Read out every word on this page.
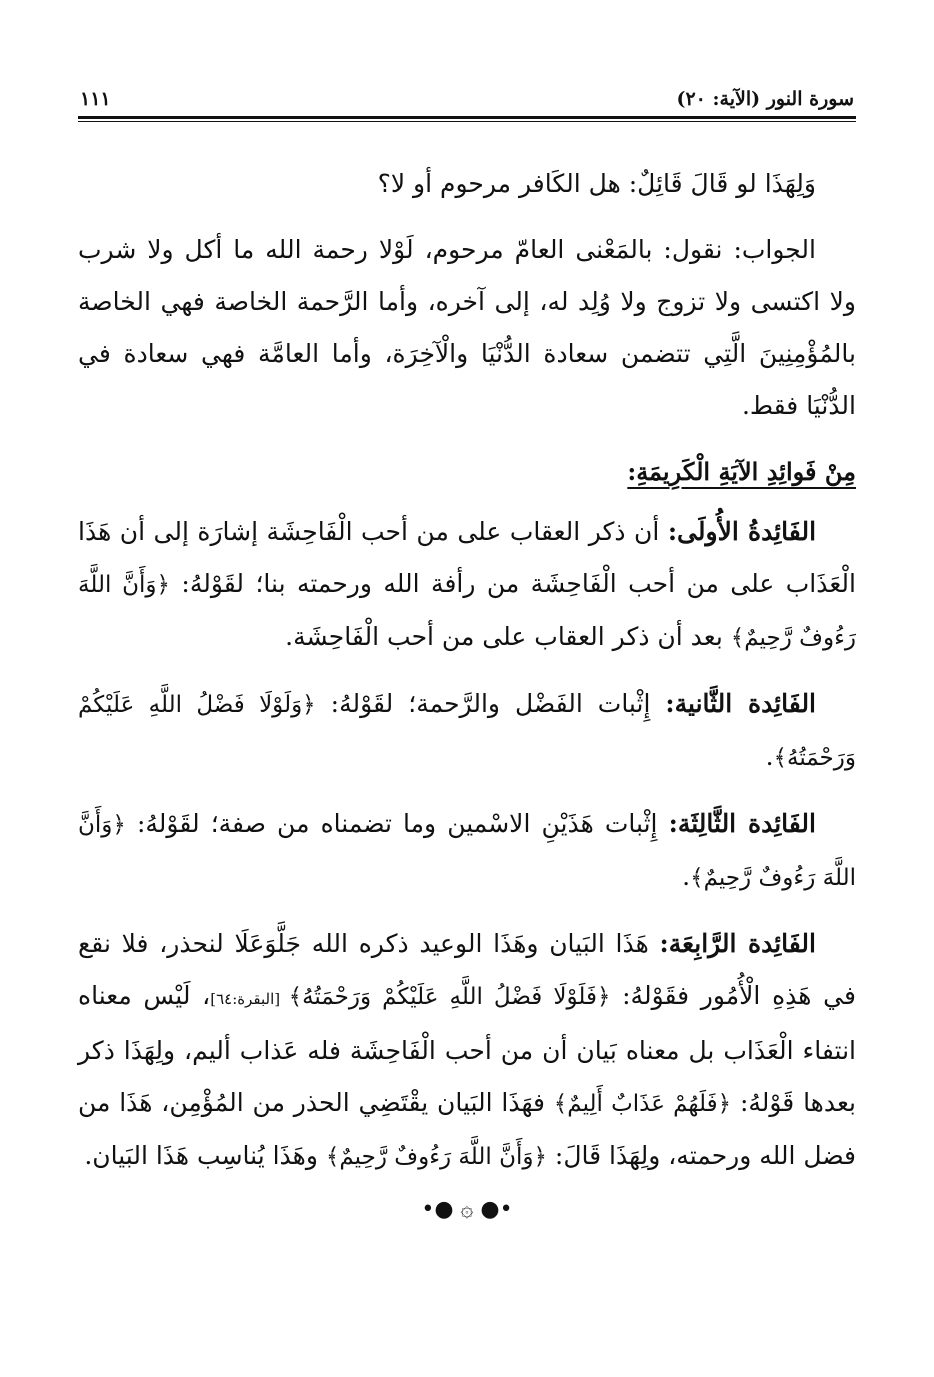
سورة النور (الآية: ٢٠)
١١١

وَلِهَذَا لو قَالَ قَائِلٌ: هل الكَافر مرحوم أو لا؟

الجواب: نقول: بالمَعْنى العامّ مرحوم، لَوْلا رحمة الله ما أكل ولا شرب ولا اكتسى ولا تزوج ولا وُلِد له، إلى آخره، وأما الرَّحمة الخاصة فهي الخاصة بالمُؤْمِنِينَ الَّتِي تتضمن سعادة الدُّنْيَا والْآخِرَة، وأما العامَّة فهي سعادة في الدُّنْيَا فقط.

مِنْ فَوائِدِ الآيَةِ الْكَرِيمَةِ:

الفَائِدةُ الأُولَى: أن ذكر العقاب على من أحب الْفَاحِشَة إشارَة إلى أن هَذَا الْعَذَاب على من أحب الْفَاحِشَة من رأفة الله ورحمته بنا؛ لقَوْلهُ: ﴿وَأَنَّ اللَّهَ رَءُوفٌ رَّحِيمٌ﴾ بعد أن ذكر العقاب على من أحب الْفَاحِشَة.

الفَائِدة الثَّانية: إِثْبات الفَضْل والرَّحمة؛ لقَوْلهُ: ﴿وَلَوْلَا فَضْلُ اللَّهِ عَلَيْكُمْ وَرَحْمَتُهُ﴾.

الفَائِدة الثَّالِثَة: إِثْبات هَذَيْنِ الاسْمين وما تضمناه من صفة؛ لقَوْلهُ: ﴿وَأَنَّ اللَّهَ رَءُوفٌ رَّحِيمٌ﴾.

الفَائِدة الرَّابِعَة: هَذَا البَيان وهَذَا الوعيد ذكره الله جَلَّوَعَلَا لنحذر، فلا نقع في هَذِهِ الْأُمُور فقَوْلهُ: ﴿فَلَوْلَا فَضْلُ اللَّهِ عَلَيْكُمْ وَرَحْمَتُهُ﴾ [البقرة:٦٤]، لَيْس معناه انتفاء الْعَذَاب بل معناه بَيان أن من أحب الْفَاحِشَة فله عَذاب أليم، ولِهَذَا ذكر بعدها قَوْلهُ: ﴿فَلَهُمْ عَذَابٌ أَلِيمٌ﴾ فهَذَا البَيان يقْتَضِي الحذر من المُؤْمِن، هَذَا من فضل الله ورحمته، ولِهَذَا قَالَ: ﴿وَأَنَّ اللَّهَ رَءُوفٌ رَّحِيمٌ﴾ وهَذَا يُناسِب هَذَا البَيان.

•● ۞ ●•
